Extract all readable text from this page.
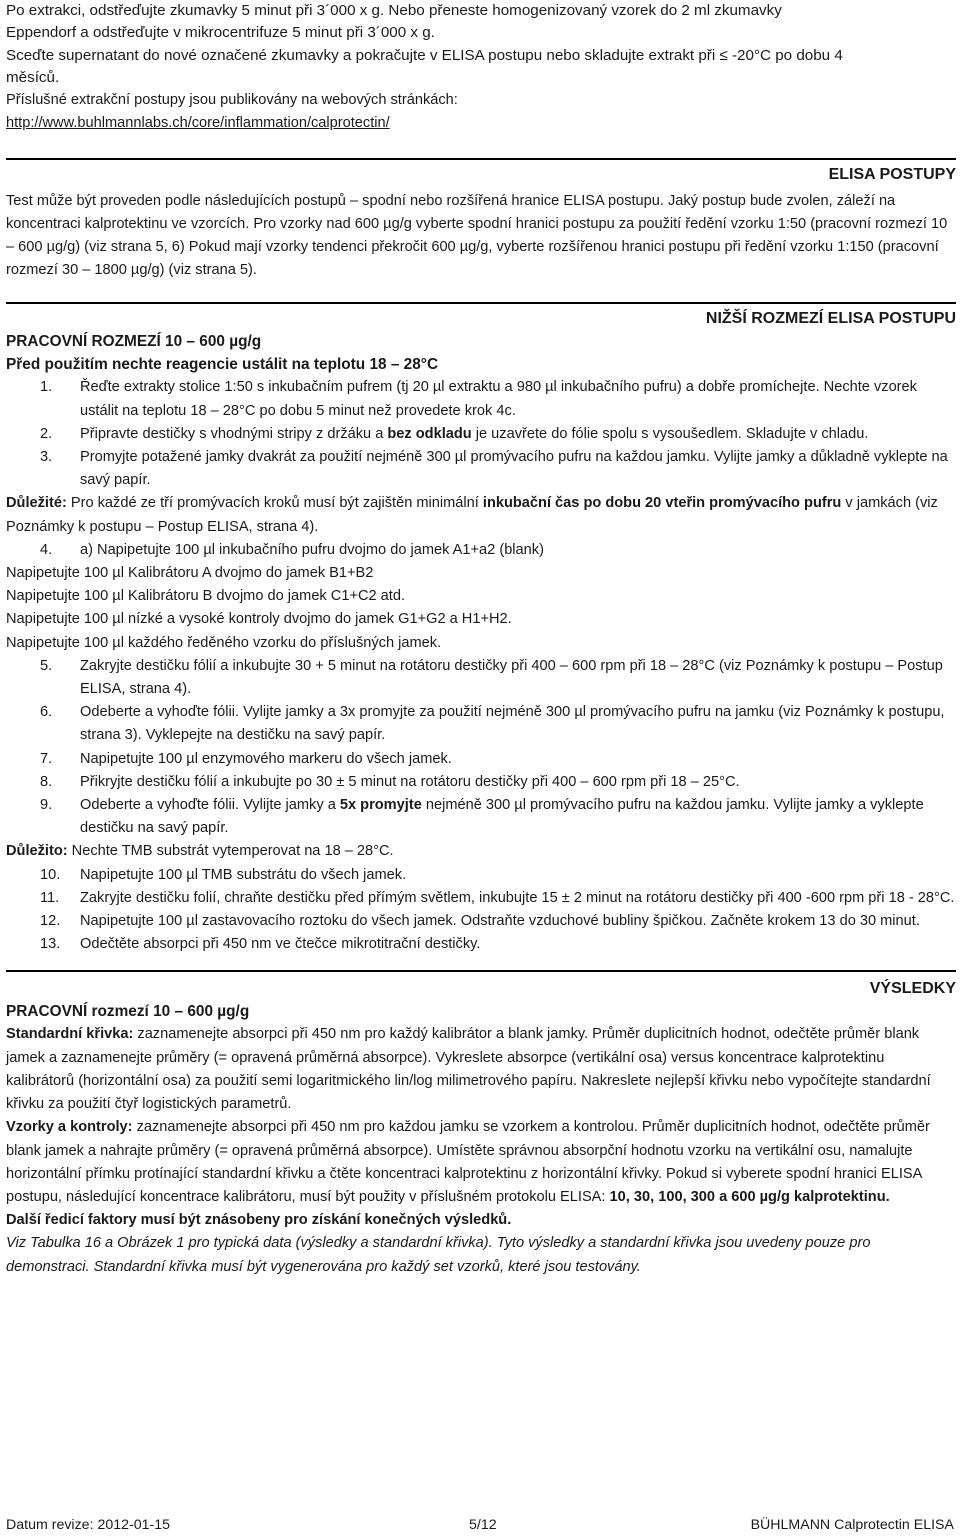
Po extrakci, odstřeďujte zkumavky 5 minut při 3´000 x g. Nebo přeneste homogenizovaný vzorek do 2 ml zkumavky

Eppendorf a odstřeďujte v mikrocentrifuze 5 minut při 3´000 x g.

Sceďte supernatant do nové označené zkumavky a pokračujte v ELISA postupu nebo skladujte extrakt při ≤ -20°C po dobu 4

měsíců.

Příslušné extrakční postupy jsou publikovány na webových stránkách:

http://www.buhlmannlabs.ch/core/inflammation/calprotectin/

ELISA POSTUPY

Test může být proveden podle následujících postupů – spodní nebo rozšířená hranice ELISA postupu. Jaký postup bude zvolen, záleží na koncentraci kalprotektinu ve vzorcích. Pro vzorky nad 600 µg/g vyberte spodní hranici postupu za použití ředění vzorku 1:50 (pracovní rozmezí 10 – 600 µg/g) (viz strana 5, 6) Pokud mají vzorky tendenci překročit 600 µg/g, vyberte rozšířenou hranici postupu při ředění vzorku 1:150 (pracovní rozmezí 30 – 1800 µg/g) (viz strana 5).

NIŽŠÍ ROZMEZÍ ELISA POSTUPU

PRACOVNÍ ROZMEZÍ 10 – 600 µg/g

Před použitím nechte reagencie ustálit na teplotu 18 – 28°C

1. Řeďte extrakty stolice 1:50 s inkubačním pufrem (tj 20 µl extraktu a 980 µl inkubačního pufru) a dobře promíchejte. Nechte vzorek ustálit na teplotu 18 – 28°C po dobu 5 minut než provedete krok 4c.
2. Připravte destičky s vhodnými stripy z držáku a bez odkladu je uzavřete do fólie spolu s vysoušedlem. Skladujte v chladu.
3. Promyjte potažené jamky dvakrát za použití nejméně 300 µl promývacího pufru na každou jamku. Vylijte jamky a důkladně vyklepte na savý papír.

Důležité: Pro každé ze tří promývacích kroků musí být zajištěn minimální inkubační čas po dobu 20 vteřin promývacího pufru v jamkách (viz Poznámky k postupu – Postup ELISA, strana 4).

4. a) Napipetujte 100 µl inkubačního pufru dvojmo do jamek A1+a2 (blank)

Napipetujte 100 µl Kalibrátoru A dvojmo do jamek B1+B2

Napipetujte 100 µl Kalibrátoru B dvojmo do jamek C1+C2 atd.

Napipetujte 100 µl nízké a vysoké kontroly dvojmo do jamek G1+G2 a H1+H2.

Napipetujte 100 µl každého ředěného vzorku do příslušných jamek.

5. Zakryjte destičku fólií a inkubujte 30 + 5 minut na rotátoru destičky při 400 – 600 rpm při 18 – 28°C (viz Poznámky k postupu – Postup ELISA, strana 4).
6. Odeberte a vyhoďte fólii. Vylijte jamky a 3x promyjte za použití nejméně 300 µl promývacího pufru na jamku (viz Poznámky k postupu, strana 3). Vyklepejte na destičku na savý papír.
7. Napipetujte 100 µl enzymového markeru do všech jamek.
8. Přikryjte destičku fólií a inkubujte po 30 ± 5 minut na rotátoru destičky při 400 – 600 rpm při 18 – 25°C.
9. Odeberte a vyhoďte fólii. Vylijte jamky a 5x promyjte nejméně 300 µl promývacího pufru na každou jamku. Vylijte jamky a vyklepte destičku na savý papír.

Důležito: Nechte TMB substrát vytemperovat na 18 – 28°C.

10. Napipetujte 100 µl TMB substrátu do všech jamek.
11. Zakryjte destičku folií, chraňte destičku před přímým světlem, inkubujte 15 ± 2 minut na rotátoru destičky při 400 -600 rpm při 18 - 28°C.
12. Napipetujte 100 µl zastavovacího roztoku do všech jamek. Odstraňte vzduchové bubliny špičkou. Začněte krokem 13 do 30 minut.
13. Odečtěte absorpci při 450 nm ve čtečce mikrotitrační destičky.

VÝSLEDKY

PRACOVNÍ rozmezí 10 – 600 µg/g

Standardní křivka: zaznamenejte absorpci při 450 nm pro každý kalibrátor a blank jamky. Průměr duplicitních hodnot, odečtěte průměr blank jamek a zaznamenejte průměry (= opravená průměrná absorpce). Vykreslete absorpce (vertikální osa) versus koncentrace kalprotektinu kalibrátorů (horizontální osa) za použití semi logaritmického lin/log milimetrového papíru. Nakreslete nejlepší křivku nebo vypočítejte standardní křivku za použití čtyř logistických parametrů.

Vzorky a kontroly: zaznamenejte absorpci při 450 nm pro každou jamku se vzorkem a kontrolou. Průměr duplicitních hodnot, odečtěte průměr blank jamek a nahrajte průměry (= opravená průměrná absorpce). Umístěte správnou absorpční hodnotu vzorku na vertikální osu, namalujte horizontální přímku protínající standardní křivku a čtěte koncentraci kalprotektinu z horizontální křivky. Pokud si vyberete spodní hranici ELISA postupu, následující koncentrace kalibrátoru, musí být použity v příslušném protokolu ELISA: 10, 30, 100, 300 a 600 µg/g kalprotektinu.

Další ředicí faktory musí být znásobeny pro získání konečných výsledků.

Viz Tabulka 16 a Obrázek 1 pro typická data (výsledky a standardní křivka). Tyto výsledky a standardní křivka jsou uvedeny pouze pro demonstraci. Standardní křivka musí být vygenerována pro každý set vzorků, které jsou testovány.

Datum revize: 2012-01-15	5/12	BÜHLMANN Calprotectin ELISA
